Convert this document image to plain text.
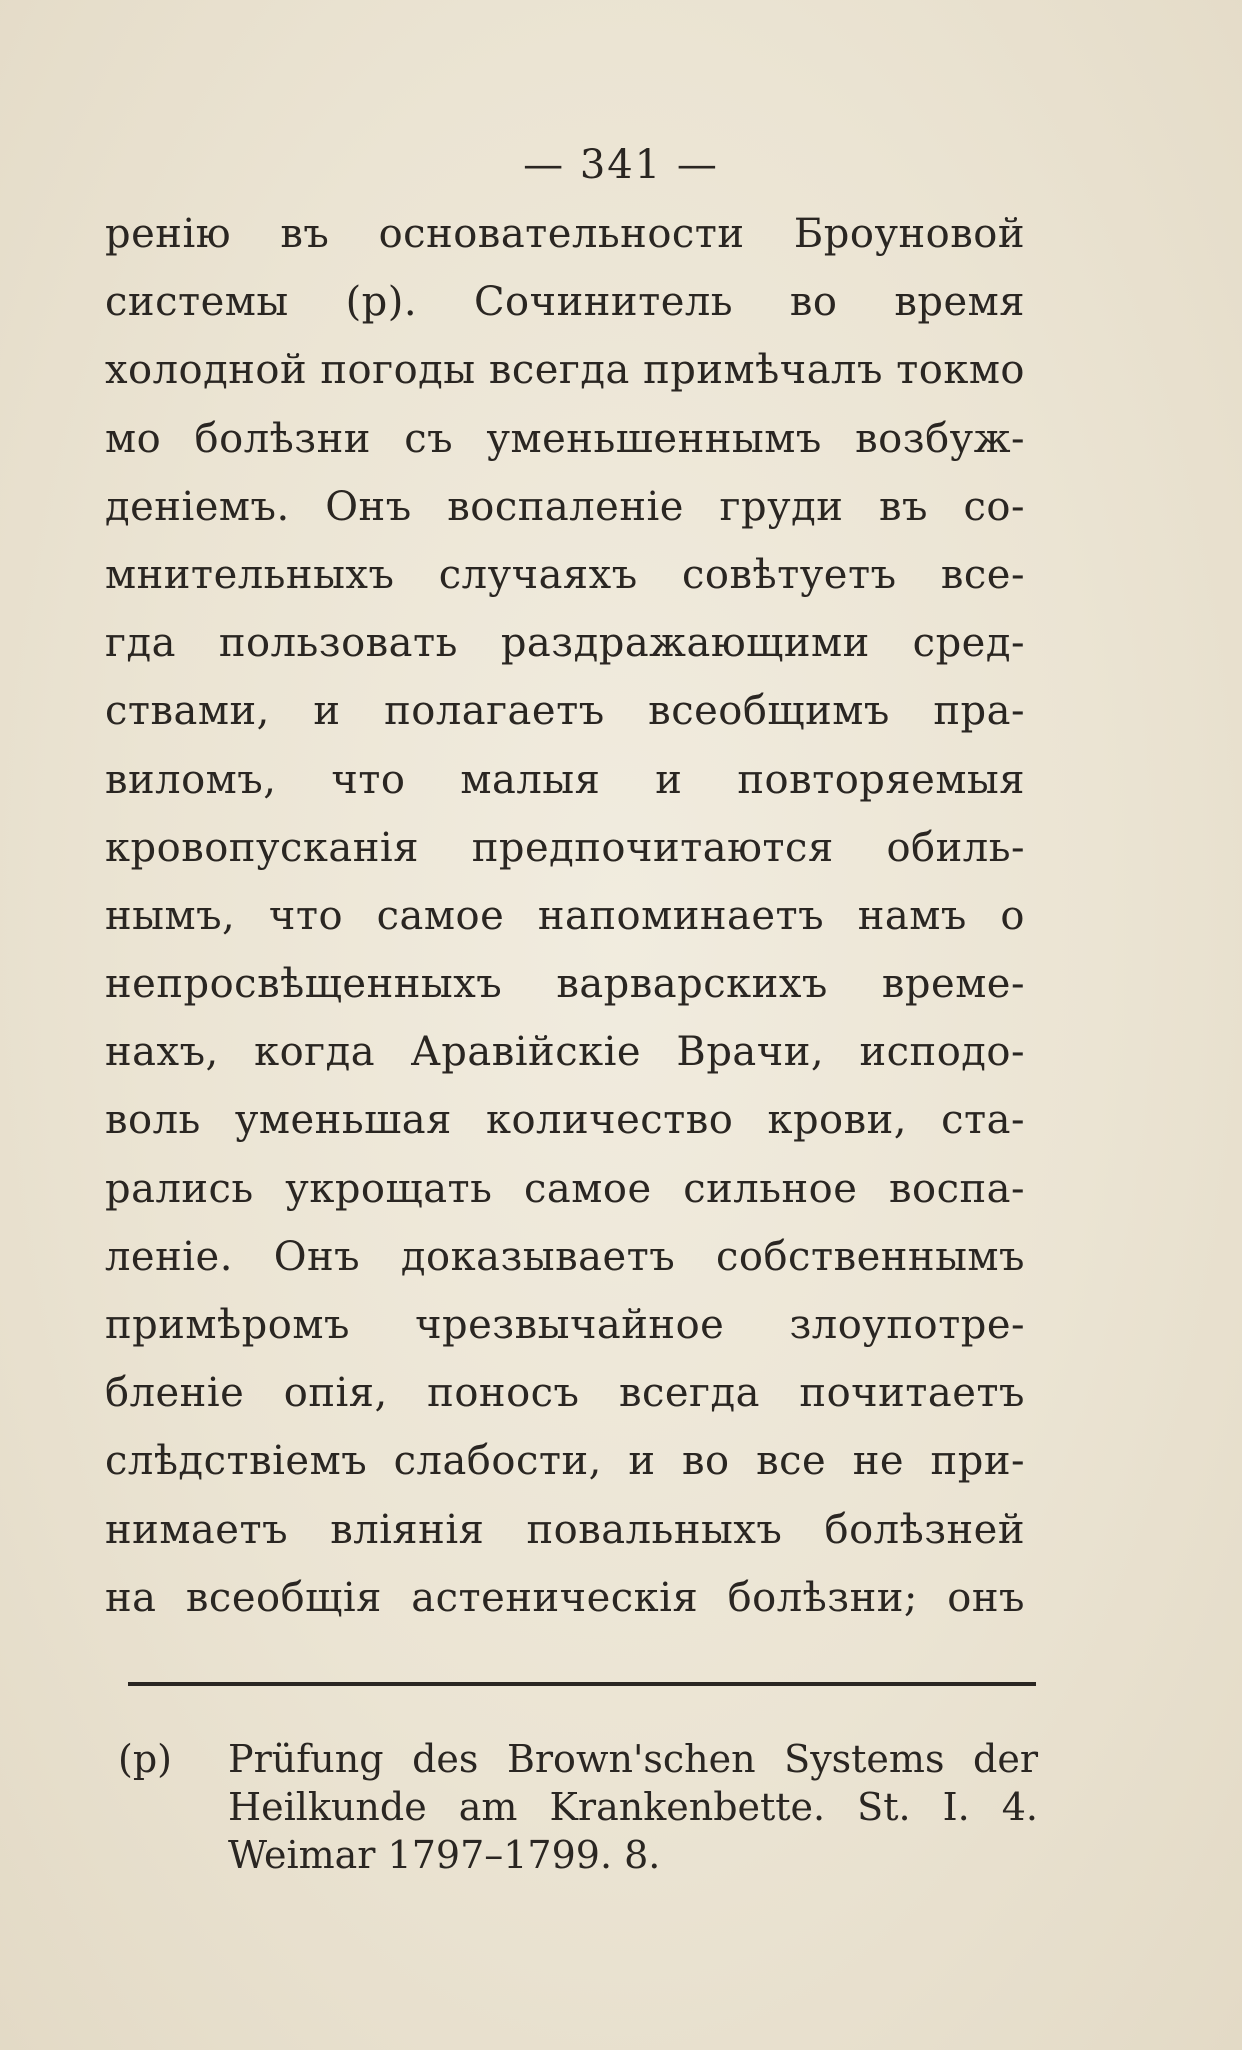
— 341 —
ренію въ основательности Броуновой
системы (р). Сочинитель во время
холодной погоды всегда примѣчалъ токмо
мо болѣзни съ уменьшеннымъ возбуж-
деніемъ. Онъ воспаленіе груди въ со-
мнительныхъ случаяхъ совѣтуетъ все-
гда пользовать раздражающими сред-
ствами, и полагаетъ всеобщимъ пра-
виломъ, что малыя и повторяемыя
кровопусканія предпочитаются обиль-
нымъ, что самое напоминаетъ намъ о
непросвѣщенныхъ варварскихъ време-
нахъ, когда Аравійскіе Врачи, исподо-
воль уменьшая количество крови, ста-
рались укрощать самое сильное воспа-
леніе. Онъ доказываетъ собственнымъ
примѣромъ чрезвычайное злоупотре-
бленіе опія, поносъ всегда почитаетъ
слѣдствіемъ слабости, и во все не при-
нимаетъ вліянія повальныхъ болѣзней
на всеобщія астеническія болѣзни; онъ
(р) Prüfung des Brown'schen Systems der
Heilkunde am Krankenbette. St. I. 4.
Weimar 1797–1799. 8.
